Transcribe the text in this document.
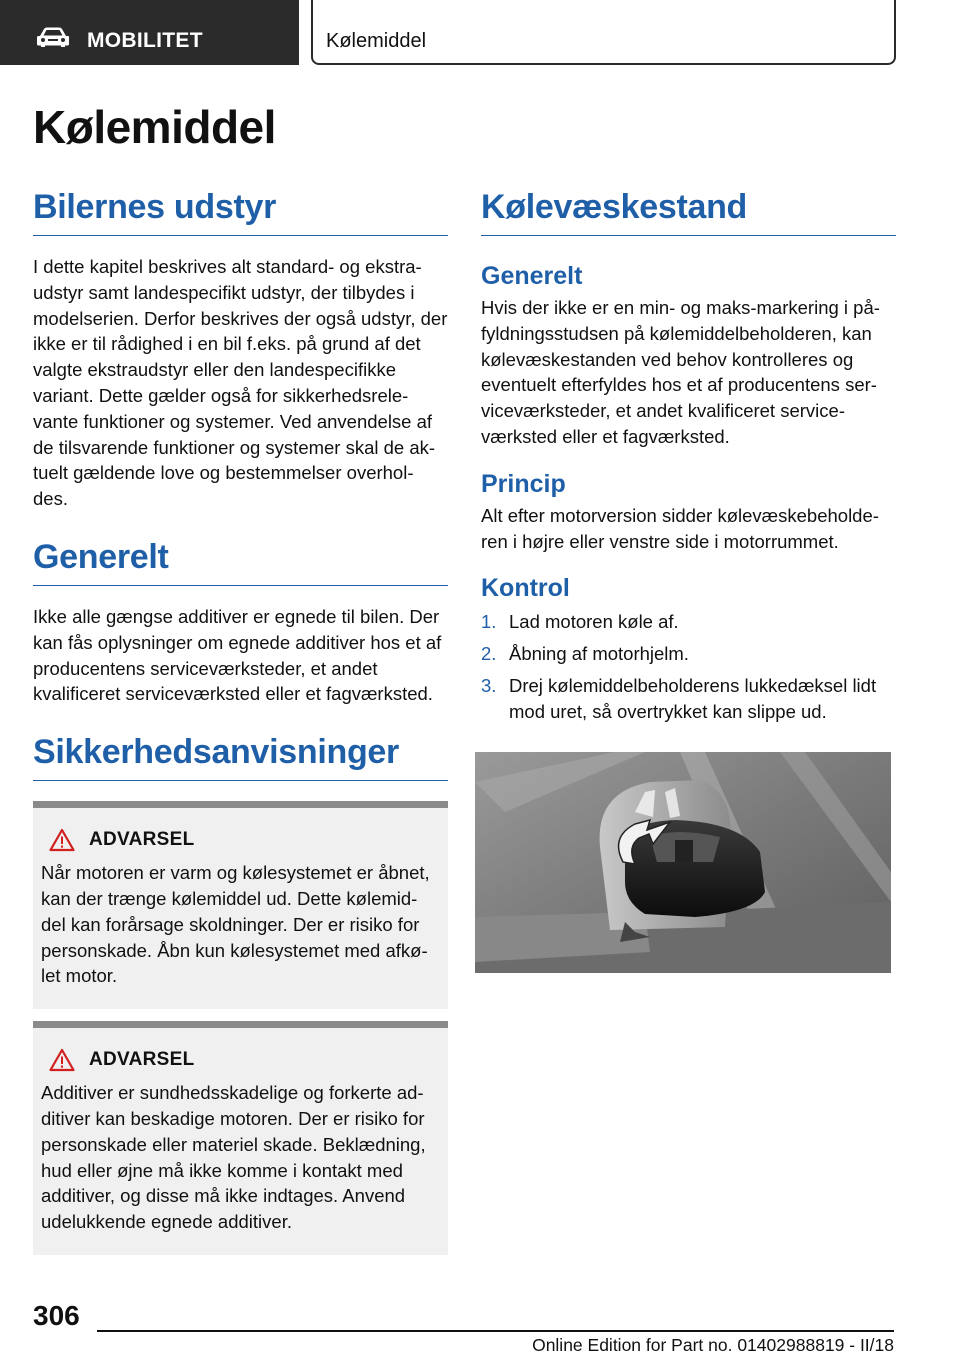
MOBILITET	Kølemiddel
Kølemiddel
Bilernes udstyr

I dette kapitel beskrives alt standard- og ekstra-udstyr samt landespecifikt udstyr, der tilbydes i modelserien. Derfor beskrives der også udstyr, der ikke er til rådighed i en bil f.eks. på grund af det valgte ekstraudstyr eller den landespecifikke variant. Dette gælder også for sikkerhedsrele-vante funktioner og systemer. Ved anvendelse af de tilsvarende funktioner og systemer skal de ak-tuelt gældende love og bestemmelser overhol-des.

Generelt

Ikke alle gængse additiver er egnede til bilen. Der kan fås oplysninger om egnede additiver hos et af producentens serviceværksteder, et andet kvalificeret serviceværksted eller et fagværksted.

Sikkerhedsanvisninger
ADVARSEL

Når motoren er varm og kølesystemet er åbnet, kan der trænge kølemiddel ud. Dette kølemid-del kan forårsage skoldninger. Der er risiko for personskade. Åbn kun kølesystemet med afkø-let motor.

ADVARSEL

Additiver er sundhedsskadelige og forkerte ad-ditiver kan beskadige motoren. Der er risiko for personskade eller materiel skade. Beklædning, hud eller øjne må ikke komme i kontakt med additiver, og disse må ikke indtages. Anvend udelukkende egnede additiver.

Kølevæskestand
Generelt

Hvis der ikke er en min- og maks-markering i på-fyldningsstudsen på kølemiddelbeholderen, kan kølevæskestanden ved behov kontrolleres og eventuelt efterfyldes hos et af producentens ser-viceværksteder, et andet kvalificeret service-værksted eller et fagværksted.

Princip

Alt efter motorversion sidder kølevæskebeholde-ren i højre eller venstre side i motorrummet.

Kontrol
1. Lad motoren køle af.
2. Åbning af motorhjelm.
3. Drej kølemiddelbeholderens lukkedæksel lidt mod uret, så overtrykket kan slippe ud.
306
Online Edition for Part no. 01402988819 - II/18
